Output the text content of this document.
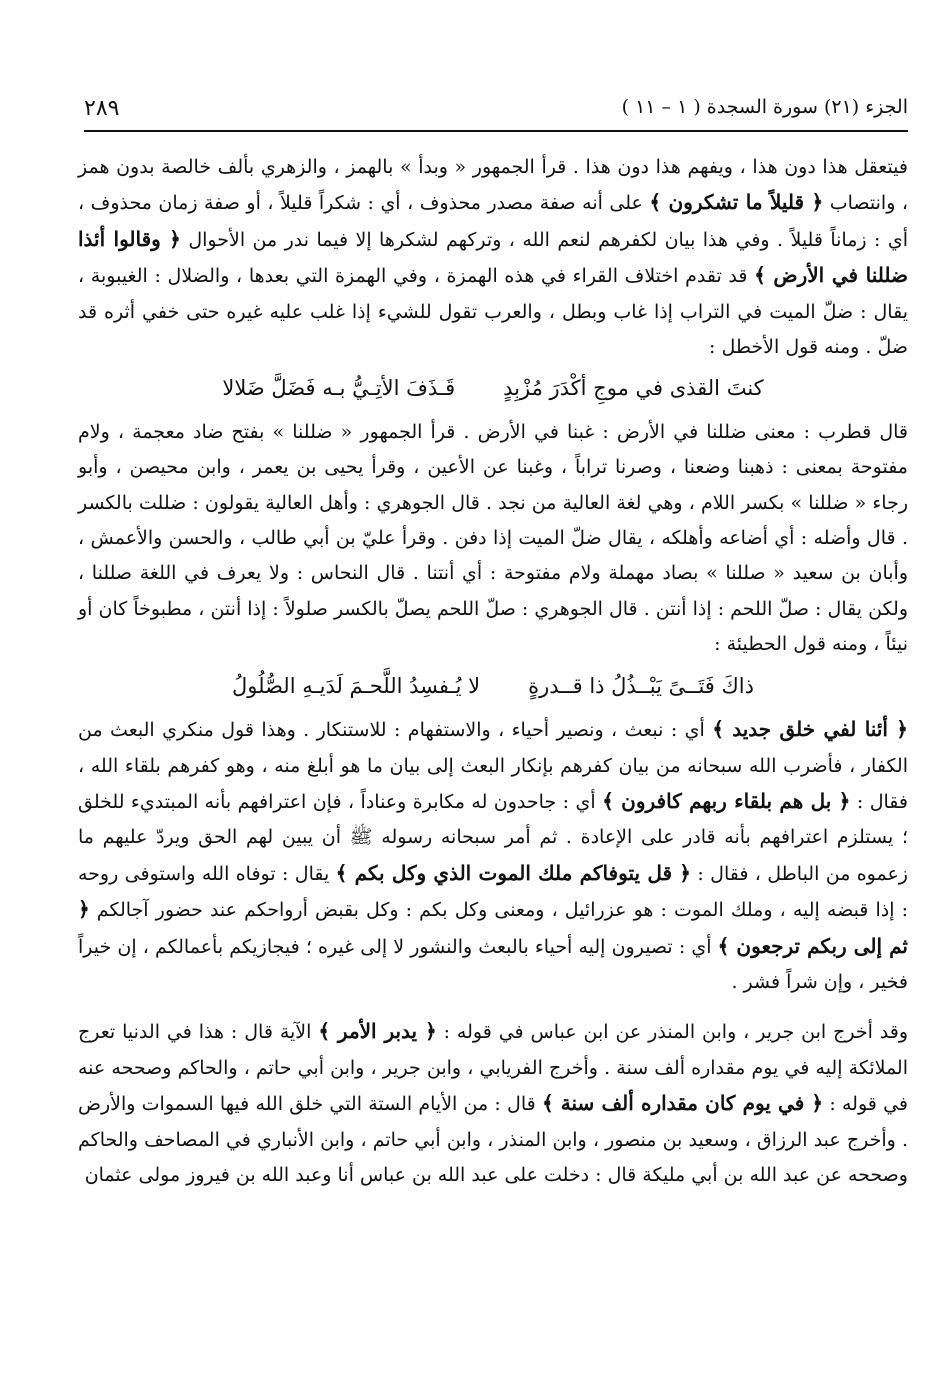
٢٨٩	الجزء (٢١) سورة السجدة ( ١ – ١١ )

فيتعقل هذا دون هذا ، ويفهم هذا دون هذا . قرأ الجمهور « وبدأ » بالهمز ، والزهري بألف خالصة بدون همز ، وانتصاب ﴿ قليلاً ما تشكرون ﴾ على أنه صفة مصدر محذوف ، أي : شكراً قليلاً ، أو صفة زمان محذوف ، أي : زماناً قليلاً . وفي هذا بيان لكفرهم لنعم الله ، وتركهم لشكرها إلا فيما ندر من الأحوال ﴿ وقالوا أئذا ضللنا في الأرض ﴾ قد تقدم اختلاف القراء في هذه الهمزة ، وفي الهمزة التي بعدها ، والضلال : الغيبوبة ، يقال : ضلّ الميت في التراب إذا غاب وبطل ، والعرب تقول للشيء إذا غلب عليه غيره حتى خفي أثره قد ضلّ . ومنه قول الأخطل :

كنتَ القذى في موجِ أكْدَرَ مُزْبِدٍ
قَـذَفَ الأتِـيُّ بـه فَضَلَّ ضَلالا

قال قطرب : معنى ضللنا في الأرض : غبنا في الأرض . قرأ الجمهور « ضللنا » بفتح ضاد معجمة ، ولام مفتوحة بمعنى : ذهبنا وضعنا ، وصرنا تراباً ، وغبنا عن الأعين ، وقرأ يحيى بن يعمر ، وابن محيصن ، وأبو رجاء « ضللنا » بكسر اللام ، وهي لغة العالية من نجد . قال الجوهري : وأهل العالية يقولون : ضللت بالكسر . قال وأضله : أي أضاعه وأهلكه ، يقال ضلّ الميت إذا دفن . وقرأ عليّ بن أبي طالب ، والحسن والأعمش ، وأبان بن سعيد « صللنا » بصاد مهملة ولام مفتوحة : أي أنتنا . قال النحاس : ولا يعرف في اللغة صللنا ، ولكن يقال : صلّ اللحم : إذا أنتن . قال الجوهري : صلّ اللحم يصلّ بالكسر صلولاً : إذا أنتن ، مطبوخاً كان أو نيئاً ، ومنه قول الحطيئة :

ذاكَ فَتَــىً يَبْــذُلُ ذا قــدرةٍ
لا يُـفسِدُ اللَّحـمَ لَدَيـهِ الصُّلُولُ

﴿ أئنا لفي خلق جديد ﴾ أي : نبعث ، ونصير أحياء ، والاستفهام : للاستنكار . وهذا قول منكري البعث من الكفار ، فأضرب الله سبحانه من بيان كفرهم بإنكار البعث إلى بيان ما هو أبلغ منه ، وهو كفرهم بلقاء الله ، فقال : ﴿ بل هم بلقاء ربهم كافرون ﴾ أي : جاحدون له مكابرة وعناداً ، فإن اعترافهم بأنه المبتديء للخلق ؛ يستلزم اعترافهم بأنه قادر على الإعادة . ثم أمر سبحانه رسوله ﷺ أن يبين لهم الحق ويردّ عليهم ما زعموه من الباطل ، فقال : ﴿ قل يتوفاكم ملك الموت الذي وكل بكم ﴾ يقال : توفاه الله واستوفى روحه : إذا قبضه إليه ، وملك الموت : هو عزرائيل ، ومعنى وكل بكم : وكل بقبض أرواحكم عند حضور آجالكم ﴿ ثم إلى ربكم ترجعون ﴾ أي : تصيرون إليه أحياء بالبعث والنشور لا إلى غيره ؛ فيجازيكم بأعمالكم ، إن خيراً فخير ، وإن شراً فشر .

وقد أخرج ابن جرير ، وابن المنذر عن ابن عباس في قوله : ﴿ يدبر الأمر ﴾ الآية قال : هذا في الدنيا تعرج الملائكة إليه في يوم مقداره ألف سنة . وأخرج الفريابي ، وابن جرير ، وابن أبي حاتم ، والحاكم وصححه عنه في قوله : ﴿ في يوم كان مقداره ألف سنة ﴾ قال : من الأيام الستة التي خلق الله فيها السموات والأرض . وأخرج عبد الرزاق ، وسعيد بن منصور ، وابن المنذر ، وابن أبي حاتم ، وابن الأنباري في المصاحف والحاكم وصححه عن عبد الله بن أبي مليكة قال : دخلت على عبد الله بن عباس أنا وعبد الله بن فيروز مولى عثمان
